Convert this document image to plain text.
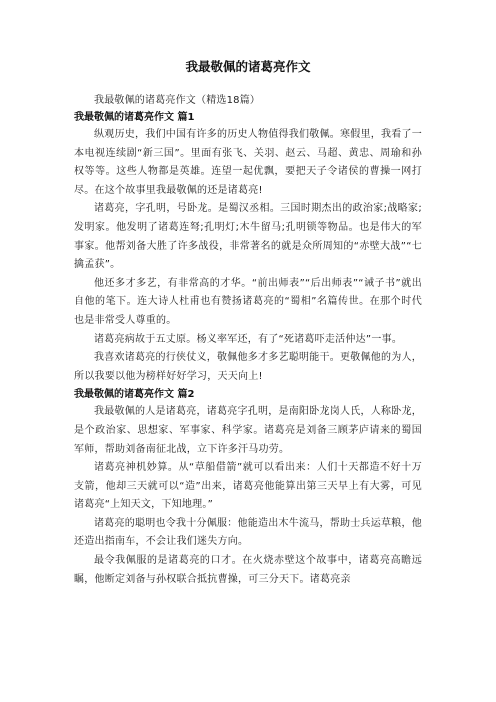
我最敬佩的诸葛亮作文

我最敬佩的诸葛亮作文（精选18篇）

我最敬佩的诸葛亮作文 篇1

纵观历史，我们中国有许多的历史人物值得我们敬佩。寒假里，我看了一本电视连续剧“新三国”。里面有张飞、关羽、赵云、马超、黄忠、周瑜和孙权等等。这些人物都是英雄。连望一起优飘，要把天子令诸侯的曹操一网打尽。在这个故事里我最敬佩的还是诸葛亮!

诸葛亮，字孔明，号卧龙。是蜀汉丞相。三国时期杰出的政治家;战略家;发明家。他发明了诸葛连弩;孔明灯;木牛留马;孔明锁等物品。也是伟大的军事家。他帮刘备大胜了许多战役，非常著名的就是众所周知的“赤壁大战”“七擒孟获”。

他还多才多艺，有非常高的才华。“前出师表”“后出师表”“诫子书”就出自他的笔下。连大诗人杜甫也有赞扬诸葛亮的“蜀相”名篇传世。在那个时代也是非常受人尊重的。

诸葛亮病故于五丈原。杨义率军还，有了“死诸葛吓走活仲达”一事。

我喜欢诸葛亮的行侠仗义，敬佩他多才多艺聪明能干。更敬佩他的为人，所以我要以他为榜样好好学习，天天向上!

我最敬佩的诸葛亮作文 篇2

我最敬佩的人是诸葛亮，诸葛亮字孔明，是南阳卧龙岗人氏，人称卧龙，是个政治家、思想家、军事家、科学家。诸葛亮是刘备三顾茅庐请来的蜀国军师，帮助刘备南征北战，立下许多汗马功劳。

诸葛亮神机妙算。从“草船借箭”就可以看出来：人们十天都造不好十万支箭，他却三天就可以“造”出来，诸葛亮他能算出第三天早上有大雾，可见诸葛亮“上知天文，下知地理。”

诸葛亮的聪明也令我十分佩服：他能造出木牛流马，帮助士兵运草粮，他还造出指南车，不会让我们迷失方向。

最令我佩服的是诸葛亮的口才。在火烧赤壁这个故事中，诸葛亮高瞻远瞩，他断定刘备与孙权联合抵抗曹操，可三分天下。诸葛亮亲
